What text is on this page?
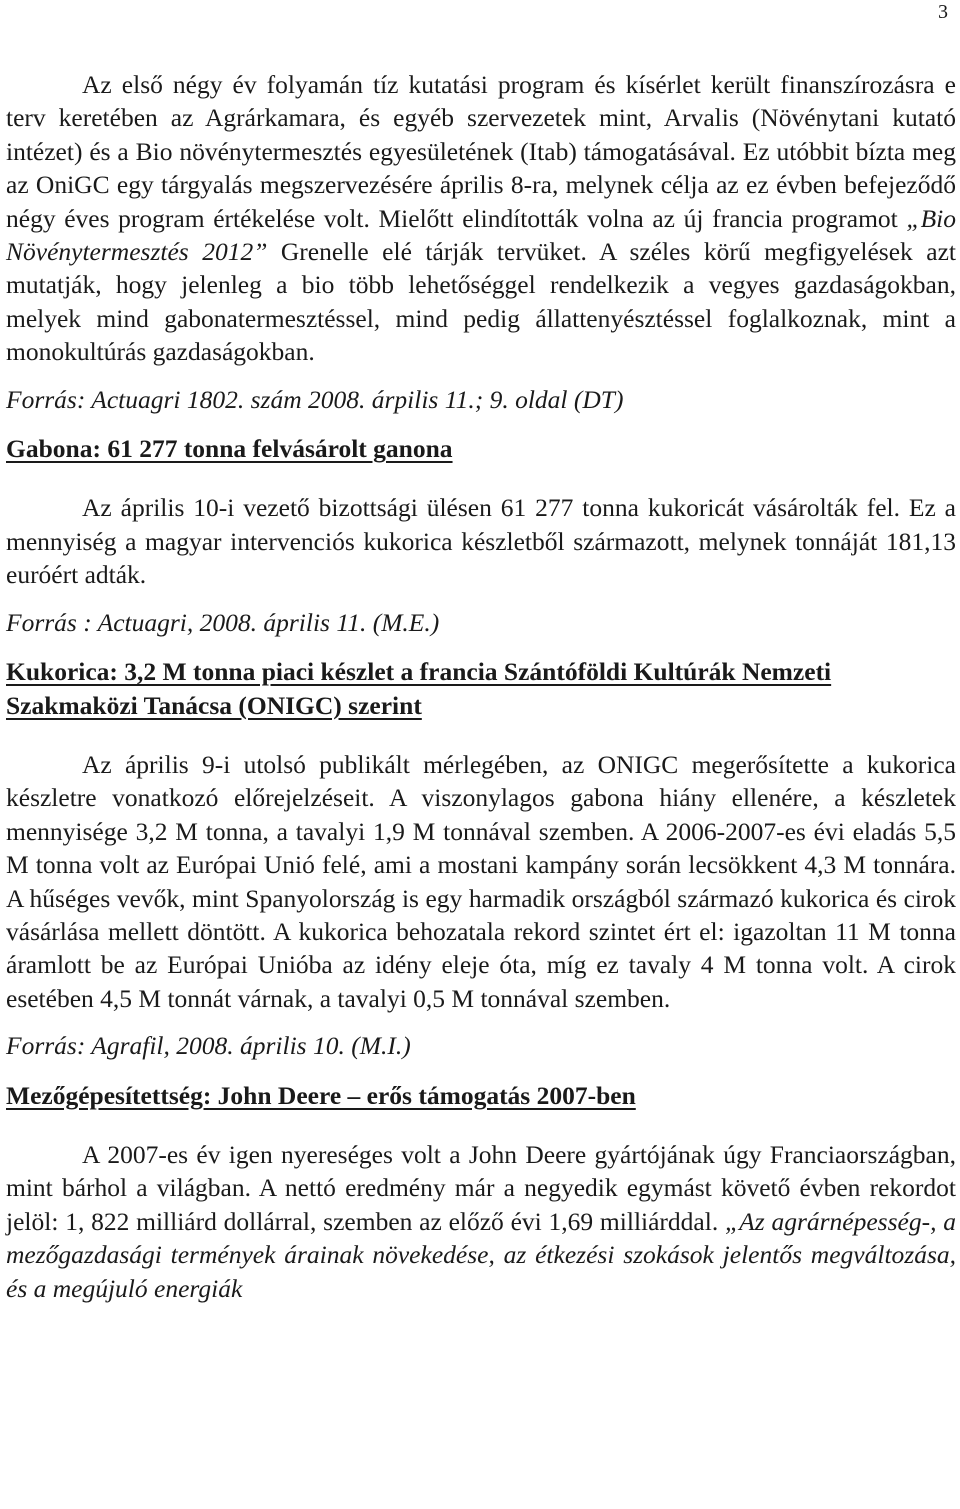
3

Az első négy év folyamán tíz kutatási program és kísérlet került finanszírozásra e terv keretében az Agrárkamara, és egyéb szervezetek mint, Arvalis (Növénytani kutató intézet) és a Bio növénytermesztés egyesületének (Itab) támogatásával. Ez utóbbit bízta meg az OniGC egy tárgyalás megszervezésére április 8-ra, melynek célja az ez évben befejeződő négy éves program értékelése volt. Mielőtt elindították volna az új francia programot „Bio Növénytermesztés 2012” Grenelle elé tárják tervüket. A széles körű megfigyelések azt mutatják, hogy jelenleg a bio több lehetőséggel rendelkezik a vegyes gazdaságokban, melyek mind gabonatermesztéssel, mind pedig állattenyésztéssel foglalkoznak, mint a monokultúrás gazdaságokban.

Forrás: Actuagri 1802. szám 2008. árpilis 11.; 9. oldal (DT)

Gabona: 61 277 tonna felvásárolt ganona

Az április 10-i vezető bizottsági ülésen 61 277 tonna kukoricát vásárolták fel. Ez a mennyiség a magyar intervenciós kukorica készletből származott, melynek tonnáját 181,13 euróért adták.

Forrás : Actuagri, 2008. április 11. (M.E.)

Kukorica: 3,2 M tonna piaci készlet a francia Szántóföldi Kultúrák Nemzeti Szakmaközi Tanácsa (ONIGC) szerint

Az április 9-i utolsó publikált mérlegében, az ONIGC megerősítette a kukorica készletre vonatkozó előrejelzéseit. A viszonylagos gabona hiány ellenére, a készletek mennyisége 3,2 M tonna, a tavalyi 1,9 M tonnával szemben. A 2006-2007-es évi eladás 5,5 M tonna volt az Európai Unió felé, ami a mostani kampány során lecsökkent 4,3 M tonnára. A hűséges vevők, mint Spanyolország is egy harmadik országból származó kukorica és cirok vásárlása mellett döntött. A kukorica behozatala rekord szintet ért el: igazoltan 11 M tonna áramlott be az Európai Unióba az idény eleje óta, míg ez tavaly 4 M tonna volt. A cirok esetében 4,5 M tonnát várnak, a tavalyi 0,5 M tonnával szemben.

Forrás: Agrafil, 2008. április 10. (M.I.)

Mezőgépesítettség: John Deere – erős támogatás 2007-ben

A 2007-es év igen nyereséges volt a John Deere gyártójának úgy Franciaországban, mint bárhol a világban. A nettó eredmény már a negyedik egymást követő évben rekordot jelöl: 1, 822 milliárd dollárral, szemben az előző évi 1,69 milliárddal. „Az agrárnépesség-, a mezőgazdasági termények árainak növekedése, az étkezési szokások jelentős megváltozása, és a megújuló energiák
